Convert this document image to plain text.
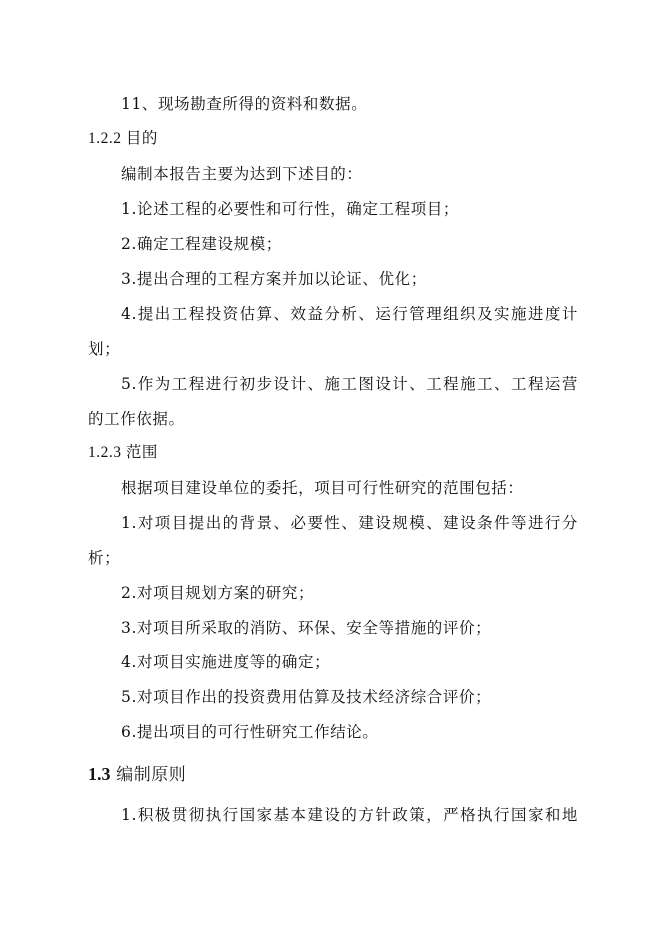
11、现场勘查所得的资料和数据。
1.2.2 目的
编制本报告主要为达到下述目的：
1.论述工程的必要性和可行性，确定工程项目；
2.确定工程建设规模；
3.提出合理的工程方案并加以论证、优化；
4.提出工程投资估算、效益分析、运行管理组织及实施进度计
划；
5.作为工程进行初步设计、施工图设计、工程施工、工程运营
的工作依据。
1.2.3 范围
根据项目建设单位的委托，项目可行性研究的范围包括：
1.对项目提出的背景、必要性、建设规模、建设条件等进行分
析；
2.对项目规划方案的研究；
3.对项目所采取的消防、环保、安全等措施的评价；
4.对项目实施进度等的确定；
5.对项目作出的投资费用估算及技术经济综合评价；
6.提出项目的可行性研究工作结论。
1.3 编制原则
1.积极贯彻执行国家基本建设的方针政策，严格执行国家和地
